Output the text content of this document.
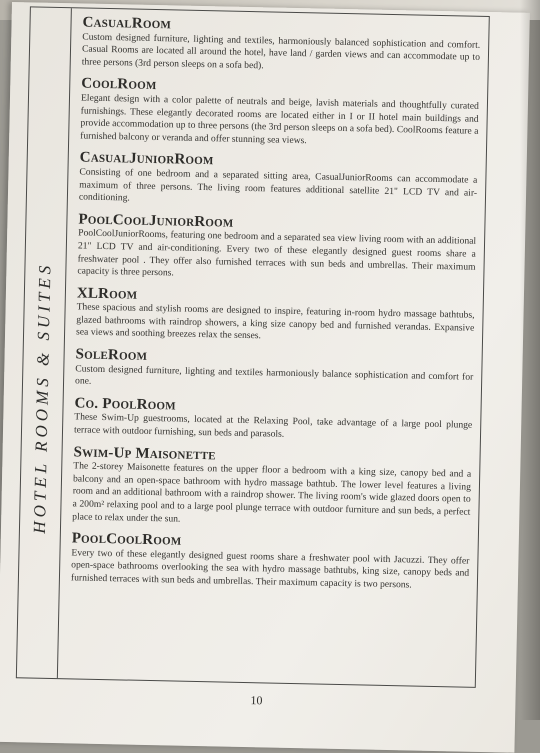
HOTEL ROOMS & SUITES
CasualRoom

Custom designed furniture, lighting and textiles, harmoniously balanced sophistication and comfort. Casual Rooms are located all around the hotel, have land / garden views and can accommodate up to three persons (3rd person sleeps on a sofa bed).

CoolRoom

Elegant design with a color palette of neutrals and beige, lavish materials and thoughtfully curated furnishings. These elegantly decorated rooms are located either in I or II hotel main buildings and provide accommodation up to three persons (the 3rd person sleeps on a sofa bed). CoolRooms feature a furnished balcony or veranda and offer stunning sea views.

CasualJuniorRoom

Consisting of one bedroom and a separated sitting area, CasualJuniorRooms can accommodate a maximum of three persons. The living room features additional satellite 21" LCD TV and air-conditioning.

PoolCoolJuniorRoom

PoolCoolJuniorRooms, featuring one bedroom and a separated sea view living room with an additional 21" LCD TV and air-conditioning. Every two of these elegantly designed guest rooms share a freshwater pool . They offer also furnished terraces with sun beds and umbrellas. Their maximum capacity is three persons.

XLRoom

These spacious and stylish rooms are designed to inspire, featuring in-room hydro massage bathtubs, glazed bathrooms with raindrop showers, a king size canopy bed and furnished verandas. Expansive sea views and soothing breezes relax the senses.

SoleRoom

Custom designed furniture, lighting and textiles harmoniously balance sophistication and comfort for one.

Co. PoolRoom

These Swim-Up guestrooms, located at the Relaxing Pool, take advantage of a large pool plunge terrace with outdoor furnishing, sun beds and parasols.

Swim-Up Maisonette

The 2-storey Maisonette features on the upper floor a bedroom with a king size, canopy bed and a balcony and an open-space bathroom with hydro massage bathtub. The lower level features a living room and an additional bathroom with a raindrop shower. The living room's wide glazed doors open to a 200m² relaxing pool and to a large pool plunge terrace with outdoor furniture and sun beds, a perfect place to relax under the sun.

PoolCoolRoom

Every two of these elegantly designed guest rooms share a freshwater pool with Jacuzzi. They offer open-space bathrooms overlooking the sea with hydro massage bathtubs, king size, canopy beds and furnished terraces with sun beds and umbrellas. Their maximum capacity is two persons.

10
